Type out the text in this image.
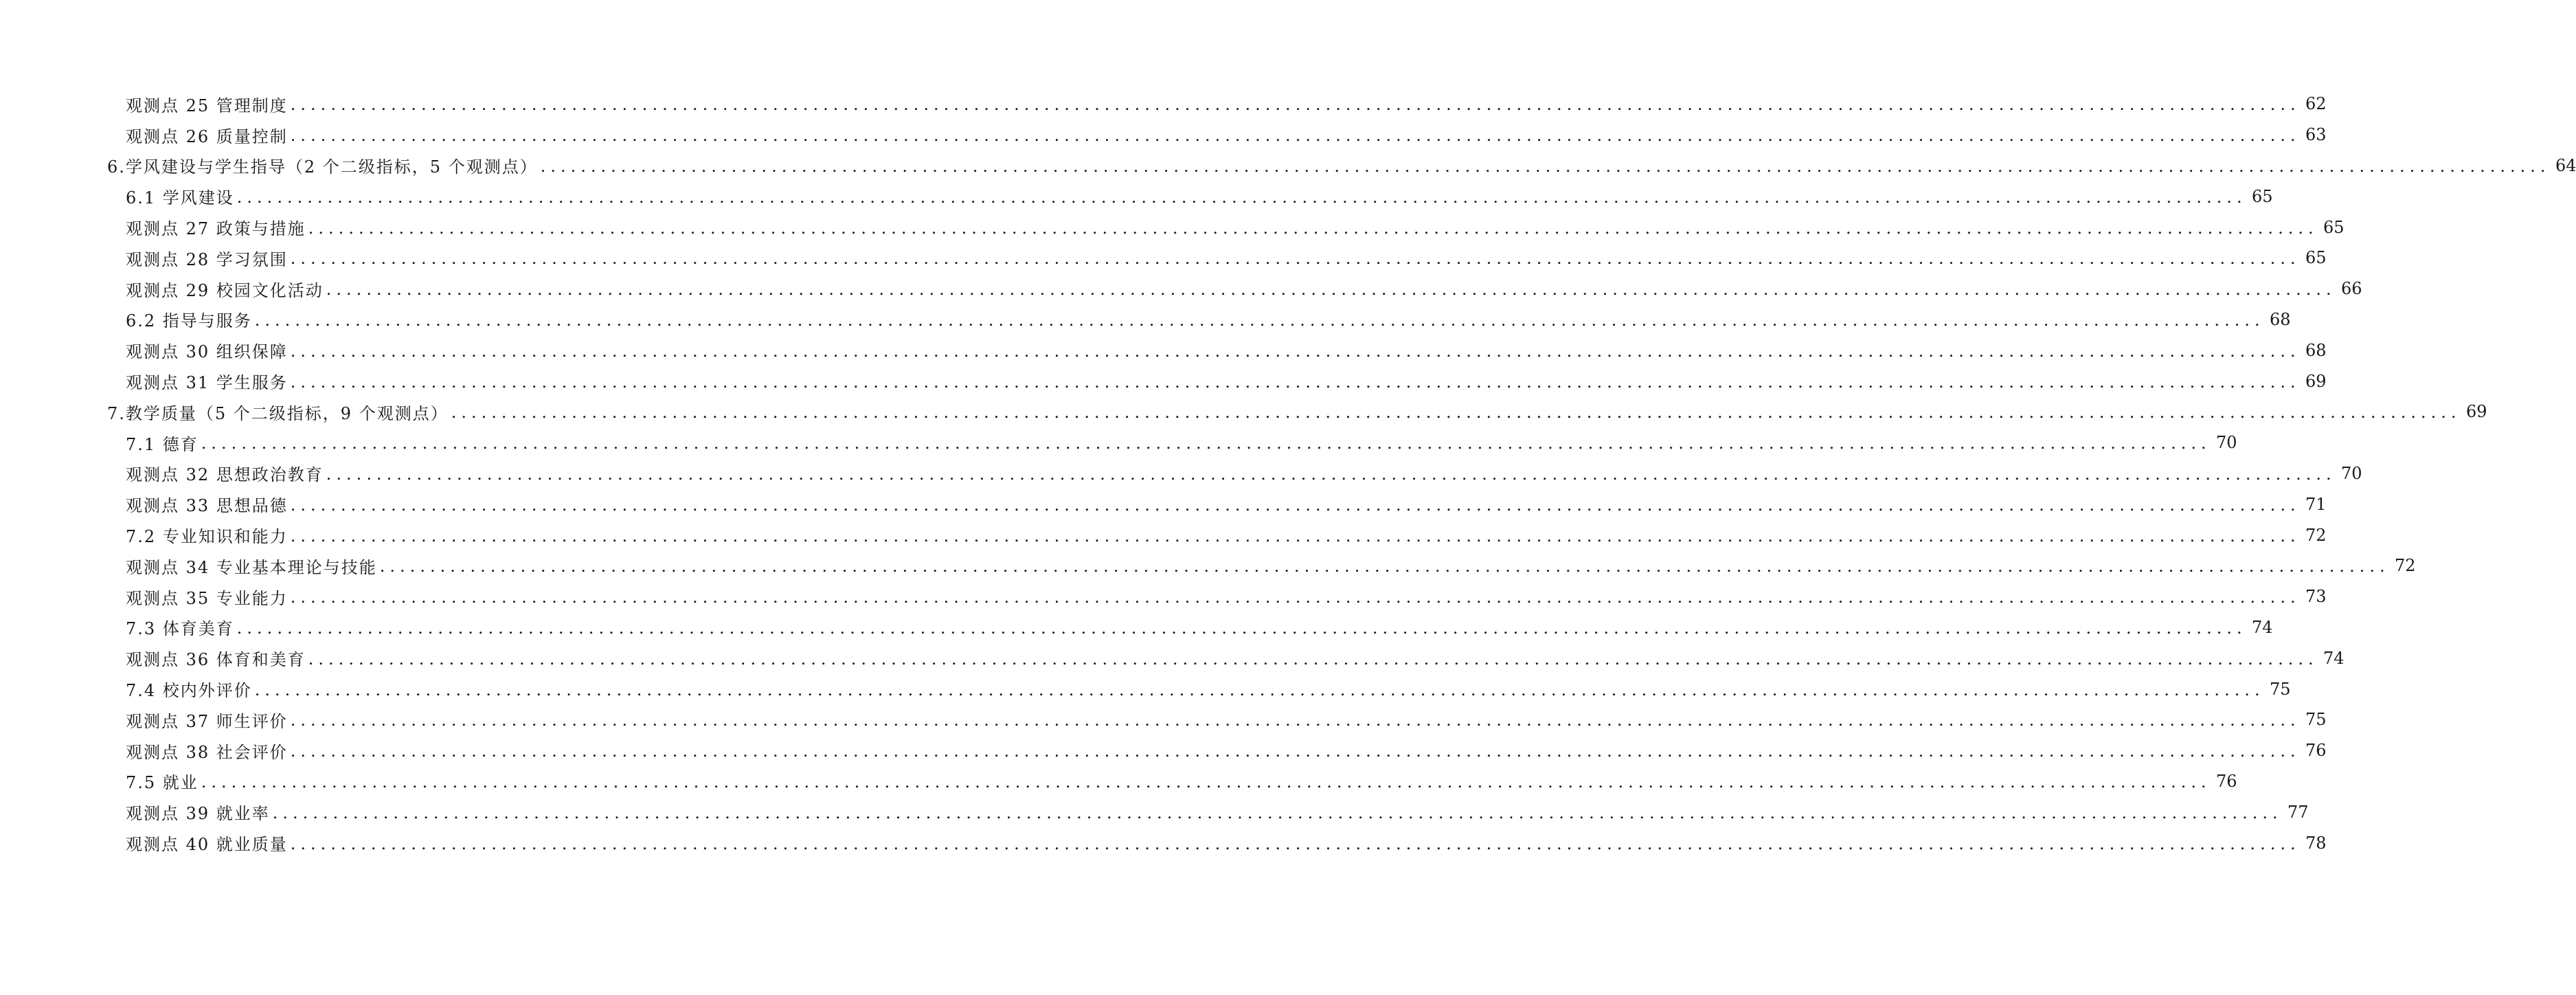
观测点 25 管理制度 ........................................................................................................................................................................................................ 62
观测点 26 质量控制 ........................................................................................................................................................................................................ 63
6.学风建设与学生指导（2 个二级指标，5 个观测点） ........................................................................................................................................................................................................ 64
6.1 学风建设 ........................................................................................................................................................................................................ 65
观测点 27 政策与措施 ........................................................................................................................................................................................................ 65
观测点 28 学习氛围 ........................................................................................................................................................................................................ 65
观测点 29 校园文化活动 ........................................................................................................................................................................................................ 66
6.2 指导与服务 ........................................................................................................................................................................................................ 68
观测点 30 组织保障 ........................................................................................................................................................................................................ 68
观测点 31 学生服务 ........................................................................................................................................................................................................ 69
7.教学质量（5 个二级指标，9 个观测点） ........................................................................................................................................................................................................ 69
7.1 德育 ........................................................................................................................................................................................................ 70
观测点 32 思想政治教育 ........................................................................................................................................................................................................ 70
观测点 33 思想品德 ........................................................................................................................................................................................................ 71
7.2 专业知识和能力 ........................................................................................................................................................................................................ 72
观测点 34 专业基本理论与技能 ........................................................................................................................................................................................................ 72
观测点 35 专业能力 ........................................................................................................................................................................................................ 73
7.3 体育美育 ........................................................................................................................................................................................................ 74
观测点 36 体育和美育 ........................................................................................................................................................................................................ 74
7.4 校内外评价 ........................................................................................................................................................................................................ 75
观测点 37 师生评价 ........................................................................................................................................................................................................ 75
观测点 38 社会评价 ........................................................................................................................................................................................................ 76
7.5 就业 ........................................................................................................................................................................................................ 76
观测点 39 就业率 ........................................................................................................................................................................................................ 77
观测点 40 就业质量 ........................................................................................................................................................................................................ 78
